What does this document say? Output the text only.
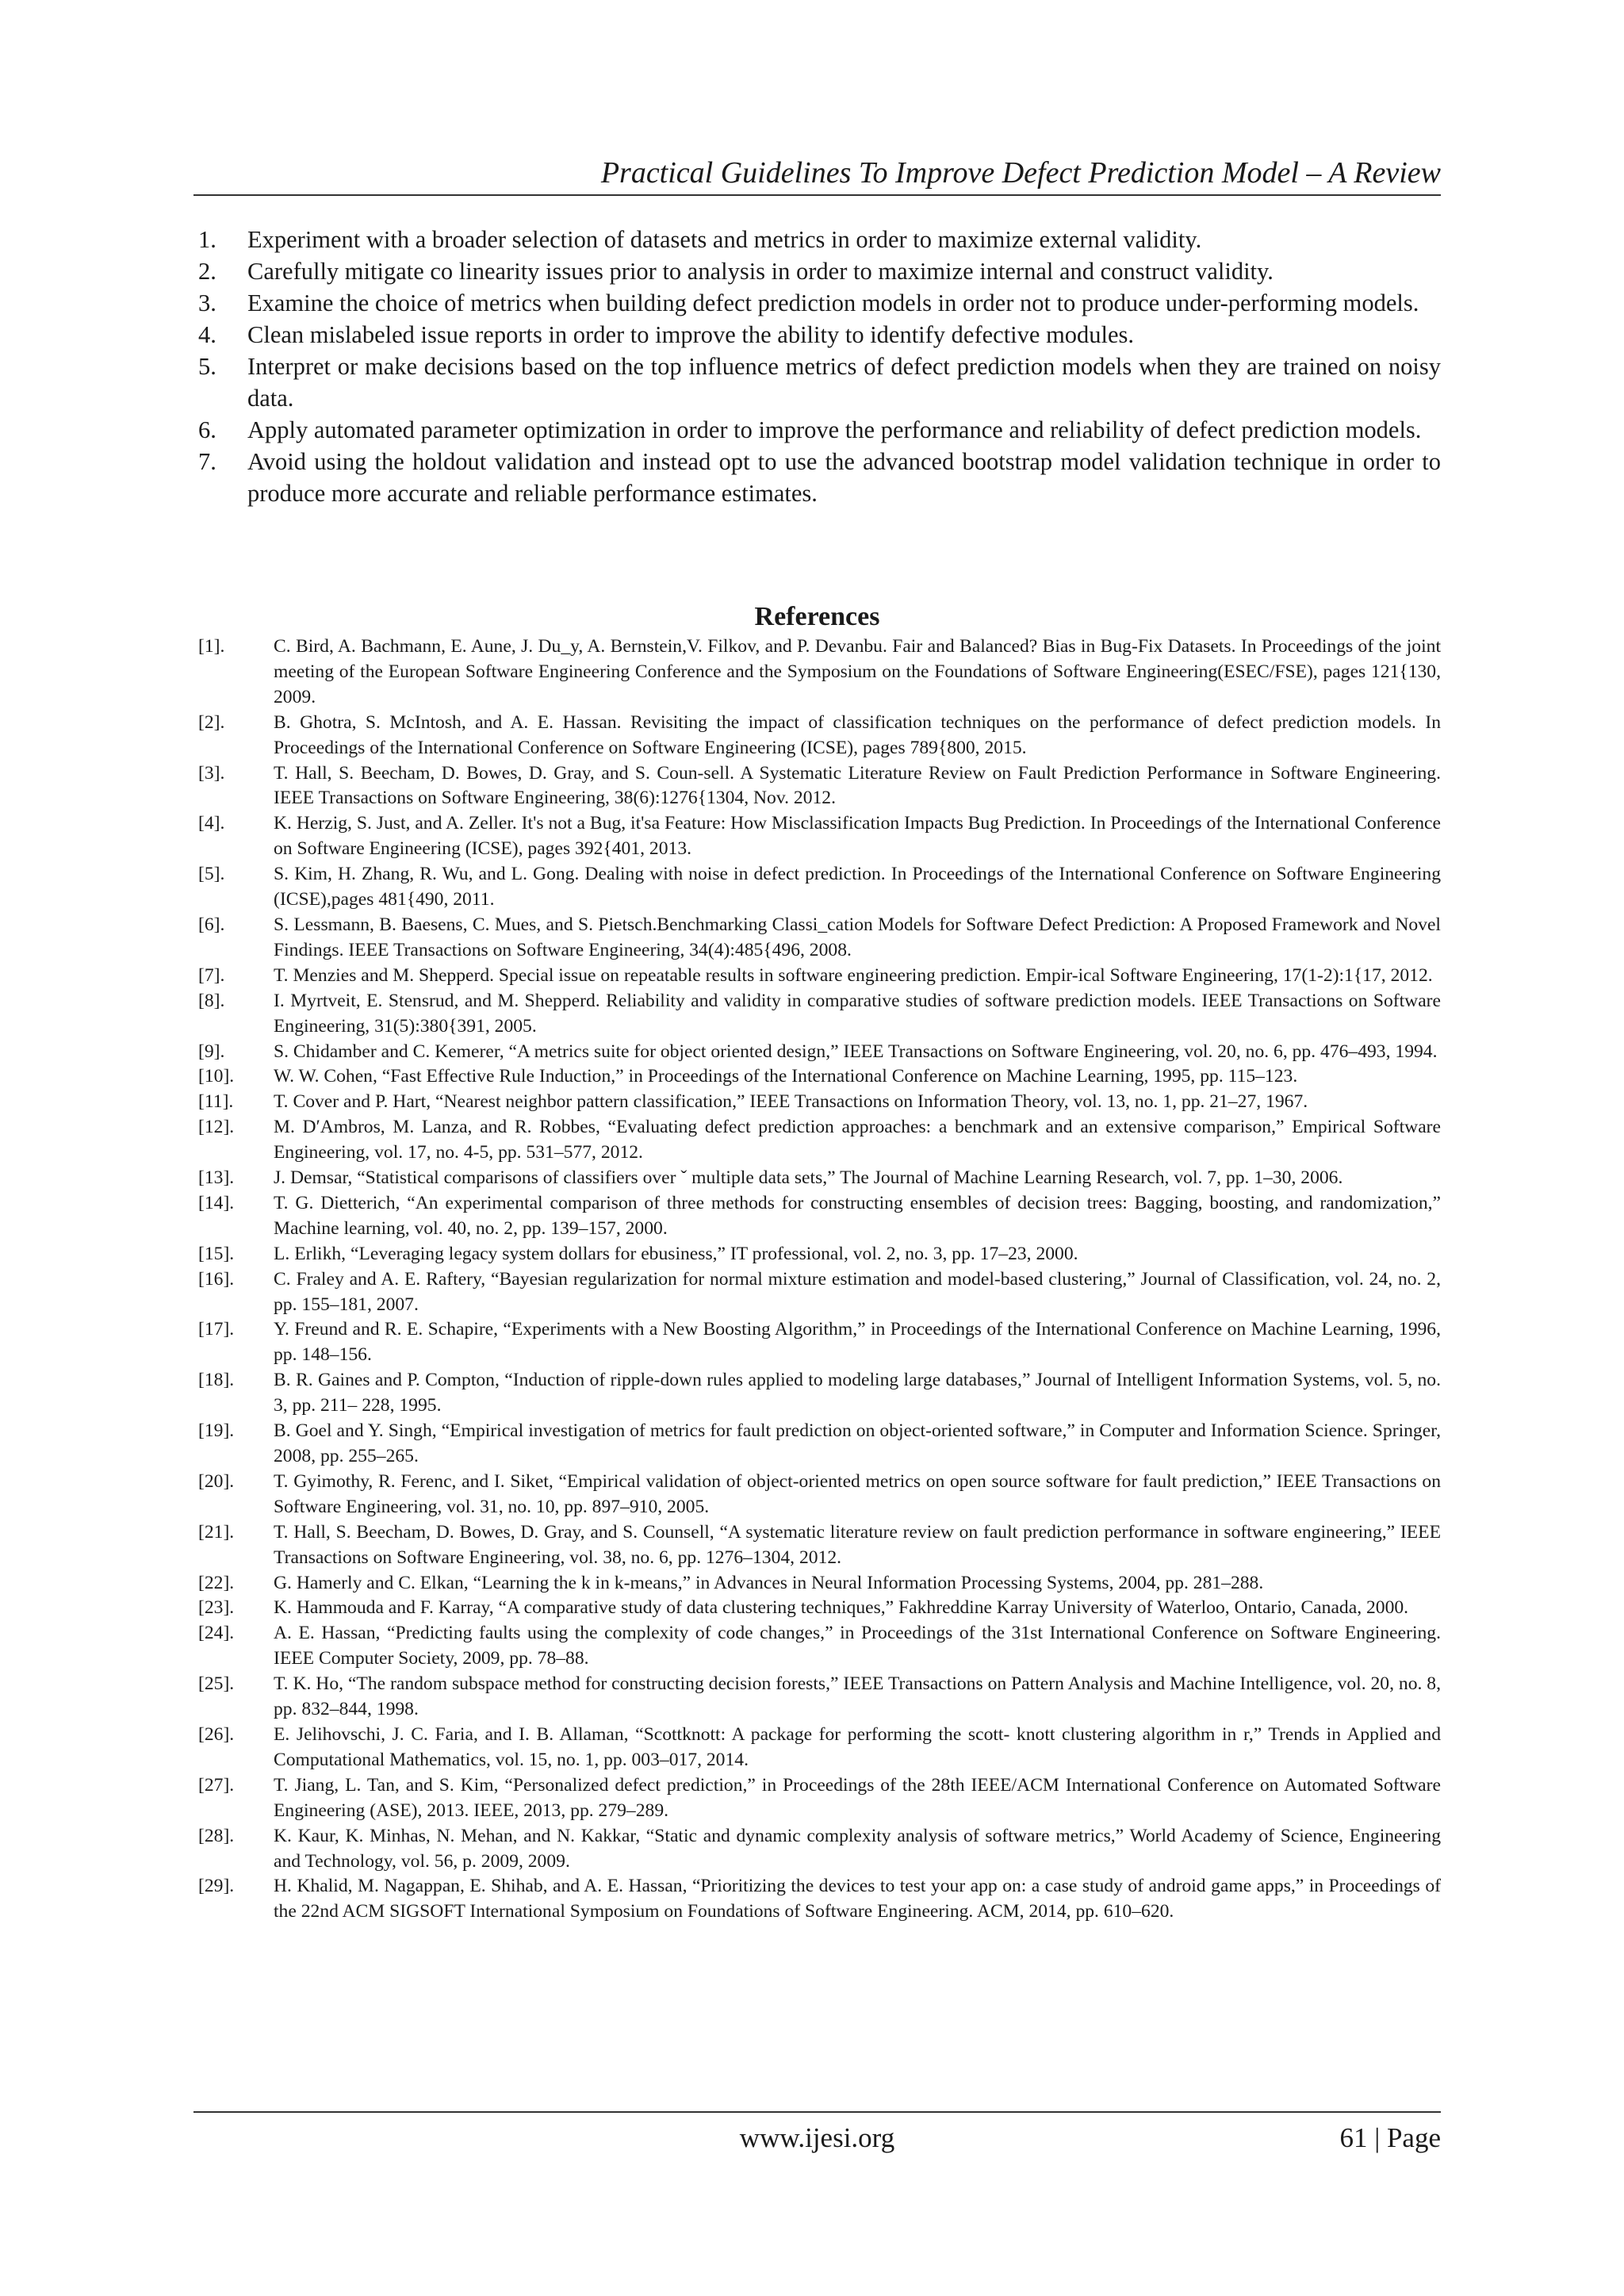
Practical Guidelines To Improve Defect Prediction Model – A Review
1. Experiment with a broader selection of datasets and metrics in order to maximize external validity.
2. Carefully mitigate co linearity issues prior to analysis in order to maximize internal and construct validity.
3. Examine the choice of metrics when building defect prediction models in order not to produce under-performing models.
4. Clean mislabeled issue reports in order to improve the ability to identify defective modules.
5. Interpret or make decisions based on the top influence metrics of defect prediction models when they are trained on noisy data.
6. Apply automated parameter optimization in order to improve the performance and reliability of defect prediction models.
7. Avoid using the holdout validation and instead opt to use the advanced bootstrap model validation technique in order to produce more accurate and reliable performance estimates.
References
[1].	C. Bird, A. Bachmann, E. Aune, J. Du_y, A. Bernstein,V. Filkov, and P. Devanbu. Fair and Balanced? Bias in Bug-Fix Datasets. In Proceedings of the joint meeting of the European Software Engineering Conference and the Symposium on the Foundations of Software Engineering(ESEC/FSE), pages 121{130, 2009.
[2].	B. Ghotra, S. McIntosh, and A. E. Hassan. Revisiting the impact of classification techniques on the performance of defect prediction models. In Proceedings of the International Conference on Software Engineering (ICSE), pages 789{800, 2015.
[3].	T. Hall, S. Beecham, D. Bowes, D. Gray, and S. Coun-sell. A Systematic Literature Review on Fault Prediction Performance in Software Engineering. IEEE Transactions on Software Engineering, 38(6):1276{1304, Nov. 2012.
[4].	K. Herzig, S. Just, and A. Zeller. It's not a Bug, it'sa Feature: How Misclassification Impacts Bug Prediction. In Proceedings of the International Conference on Software Engineering (ICSE), pages 392{401, 2013.
[5].	S. Kim, H. Zhang, R. Wu, and L. Gong. Dealing with noise in defect prediction. In Proceedings of the International Conference on Software Engineering (ICSE),pages 481{490, 2011.
[6].	S. Lessmann, B. Baesens, C. Mues, and S. Pietsch.Benchmarking Classi_cation Models for Software Defect Prediction: A Proposed Framework and Novel Findings. IEEE Transactions on Software Engineering, 34(4):485{496, 2008.
[7].	T. Menzies and M. Shepperd. Special issue on repeatable results in software engineering prediction. Empir-ical Software Engineering, 17(1-2):1{17, 2012.
[8].	I. Myrtveit, E. Stensrud, and M. Shepperd. Reliability and validity in comparative studies of software prediction models. IEEE Transactions on Software Engineering, 31(5):380{391, 2005.
[9].	S. Chidamber and C. Kemerer, “A metrics suite for object oriented design,” IEEE Transactions on Software Engineering, vol. 20, no. 6, pp. 476–493, 1994.
[10]. W. W. Cohen, “Fast Effective Rule Induction,” in Proceedings of the International Conference on Machine Learning, 1995, pp. 115–123.
[11]. T. Cover and P. Hart, “Nearest neighbor pattern classification,” IEEE Transactions on Information Theory, vol. 13, no. 1, pp. 21–27, 1967.
[12]. M. D′Ambros, M. Lanza, and R. Robbes, “Evaluating defect prediction approaches: a benchmark and an extensive comparison,” Empirical Software Engineering, vol. 17, no. 4-5, pp. 531–577, 2012.
[13]. J. Demsar, “Statistical comparisons of classifiers over ˇ multiple data sets,” The Journal of Machine Learning Research, vol. 7, pp. 1–30, 2006.
[14]. T. G. Dietterich, “An experimental comparison of three methods for constructing ensembles of decision trees: Bagging, boosting, and randomization,” Machine learning, vol. 40, no. 2, pp. 139–157, 2000.
[15]. L. Erlikh, “Leveraging legacy system dollars for ebusiness,” IT professional, vol. 2, no. 3, pp. 17–23, 2000.
[16]. C. Fraley and A. E. Raftery, “Bayesian regularization for normal mixture estimation and model-based clustering,” Journal of Classification, vol. 24, no. 2, pp. 155–181, 2007.
[17]. Y. Freund and R. E. Schapire, “Experiments with a New Boosting Algorithm,” in Proceedings of the International Conference on Machine Learning, 1996, pp. 148–156.
[18]. B. R. Gaines and P. Compton, “Induction of ripple-down rules applied to modeling large databases,” Journal of Intelligent Information Systems, vol. 5, no. 3, pp. 211– 228, 1995.
[19]. B. Goel and Y. Singh, “Empirical investigation of metrics for fault prediction on object-oriented software,” in Computer and Information Science. Springer, 2008, pp. 255–265.
[20]. T. Gyimothy, R. Ferenc, and I. Siket, “Empirical validation of object-oriented metrics on open source software for fault prediction,” IEEE Transactions on Software Engineering, vol. 31, no. 10, pp. 897–910, 2005.
[21]. T. Hall, S. Beecham, D. Bowes, D. Gray, and S. Counsell, “A systematic literature review on fault prediction performance in software engineering,” IEEE Transactions on Software Engineering, vol. 38, no. 6, pp. 1276–1304, 2012.
[22]. G. Hamerly and C. Elkan, “Learning the k in k-means,” in Advances in Neural Information Processing Systems, 2004, pp. 281–288.
[23]. K. Hammouda and F. Karray, “A comparative study of data clustering techniques,” Fakhreddine Karray University of Waterloo, Ontario, Canada, 2000.
[24]. A. E. Hassan, “Predicting faults using the complexity of code changes,” in Proceedings of the 31st International Conference on Software Engineering. IEEE Computer Society, 2009, pp. 78–88.
[25]. T. K. Ho, “The random subspace method for constructing decision forests,” IEEE Transactions on Pattern Analysis and Machine Intelligence, vol. 20, no. 8, pp. 832–844, 1998.
[26]. E. Jelihovschi, J. C. Faria, and I. B. Allaman, “Scottknott: A package for performing the scott- knott clustering algorithm in r,” Trends in Applied and Computational Mathematics, vol. 15, no. 1, pp. 003–017, 2014.
[27]. T. Jiang, L. Tan, and S. Kim, “Personalized defect prediction,” in Proceedings of the 28th IEEE/ACM International Conference on Automated Software Engineering (ASE), 2013. IEEE, 2013, pp. 279–289.
[28]. K. Kaur, K. Minhas, N. Mehan, and N. Kakkar, “Static and dynamic complexity analysis of software metrics,” World Academy of Science, Engineering and Technology, vol. 56, p. 2009, 2009.
[29]. H. Khalid, M. Nagappan, E. Shihab, and A. E. Hassan, “Prioritizing the devices to test your app on: a case study of android game apps,” in Proceedings of the 22nd ACM SIGSOFT International Symposium on Foundations of Software Engineering. ACM, 2014, pp. 610–620.
www.ijesi.org	61 | Page
